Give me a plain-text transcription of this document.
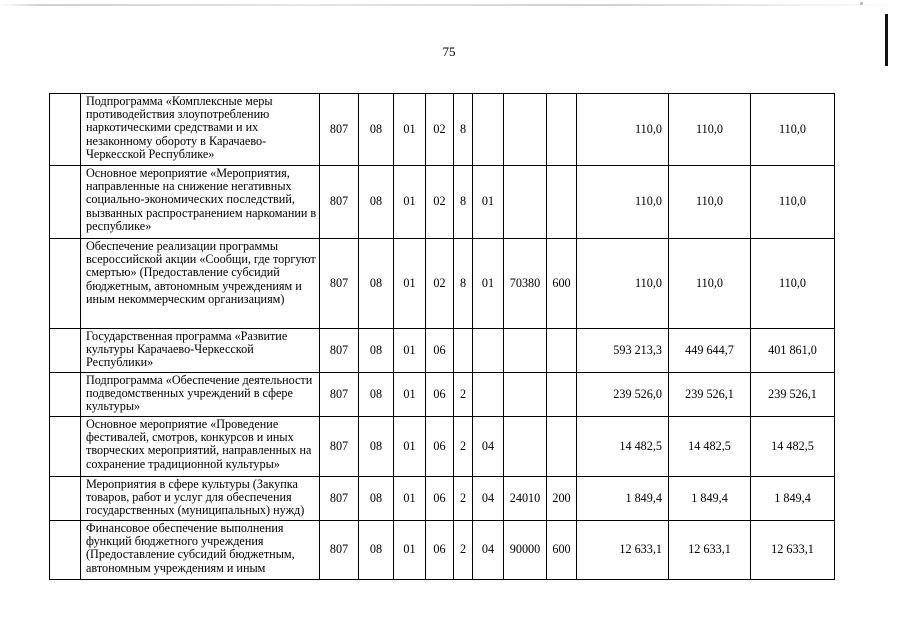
75
	Подпрограмма «Комплексные меры противодействия злоупотреблению наркотическими средствами и их незаконному обороту в Карачаево-Черкесской Республике»	807	08	01	02	8				110,0	110,0	110,0
	Основное мероприятие «Мероприятия, направленные на снижение негативных социально-экономических последствий, вызванных распространением наркомании в республике»	807	08	01	02	8	01			110,0	110,0	110,0
	Обеспечение реализации программы всероссийской акции «Сообщи, где торгуют смертью» (Предоставление субсидий бюджетным, автономным учреждениям и иным некоммерческим организациям)	807	08	01	02	8	01	70380	600	110,0	110,0	110,0
	Государственная программа «Развитие культуры Карачаево-Черкесской Республики»	807	08	01	06					593 213,3	449 644,7	401 861,0
	Подпрограмма «Обеспечение деятельности подведомственных учреждений в сфере культуры»	807	08	01	06	2				239 526,0	239 526,1	239 526,1
	Основное мероприятие «Проведение фестивалей, смотров, конкурсов и иных творческих мероприятий, направленных на сохранение традиционной культуры»	807	08	01	06	2	04			14 482,5	14 482,5	14 482,5
	Мероприятия в сфере культуры (Закупка товаров, работ и услуг для обеспечения государственных (муниципальных) нужд)	807	08	01	06	2	04	24010	200	1 849,4	1 849,4	1 849,4
	Финансовое обеспечение выполнения функций бюджетного учреждения (Предоставление субсидий бюджетным, автономным учреждениям и иным	807	08	01	06	2	04	90000	600	12 633,1	12 633,1	12 633,1
